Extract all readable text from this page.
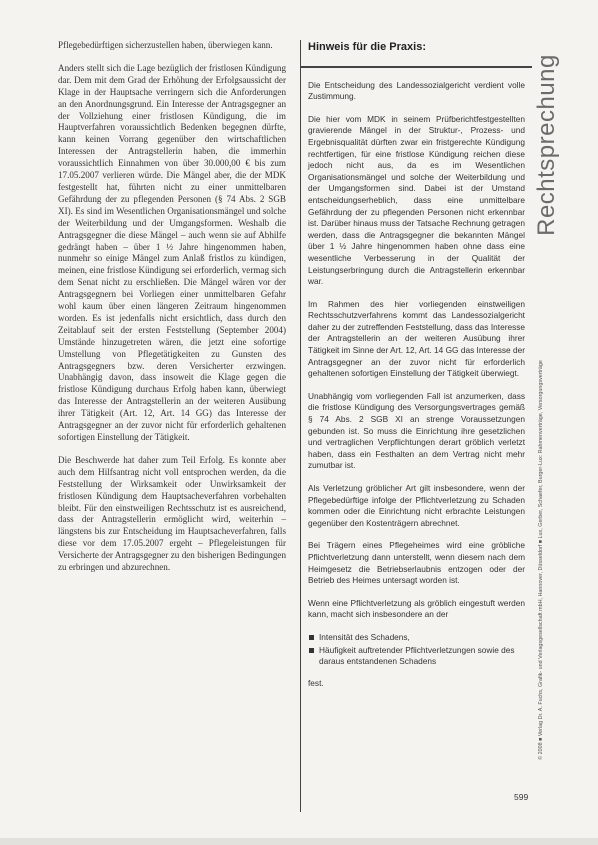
Pflegebedürftigen sicherzustellen haben, überwiegen kann.

Anders stellt sich die Lage bezüglich der fristlosen Kündigung dar. Dem mit dem Grad der Erhöhung der Erfolgsaussicht der Klage in der Hauptsache verringern sich die Anforderungen an den Anordnungsgrund. Ein Interesse der Antragsgegner an der Vollziehung einer fristlosen Kündigung, die im Hauptverfahren voraussichtlich Bedenken begegnen dürfte, kann keinen Vorrang gegenüber den wirtschaftlichen Interessen der Antragstellerin haben, die immerhin voraussichtlich Einnahmen von über 30.000,00 € bis zum 17.05.2007 verlieren würde. Die Mängel aber, die der MDK festgestellt hat, führten nicht zu einer unmittelbaren Gefährdung der zu pflegenden Personen (§ 74 Abs. 2 SGB XI). Es sind im Wesentlichen Organisationsmängel und solche der Weiterbildung und der Umgangsformen. Weshalb die Antragsgegner die diese Mängel – auch wenn sie auf Abhilfe gedrängt haben – über 1 ½ Jahre hingenommen haben, nunmehr so einige Mängel zum Anlaß fristlos zu kündigen, meinen, eine fristlose Kündigung sei erforderlich, vermag sich dem Senat nicht zu erschließen. Die Mängel wären vor der Antragsgegnern bei Vorliegen einer unmittelbaren Gefahr wohl kaum über einen längeren Zeitraum hingenommen worden. Es ist jedenfalls nicht ersichtlich, dass durch den Zeitablauf seit der ersten Feststellung (September 2004) Umstände hinzugetreten wären, die jetzt eine sofortige Umstellung von Pflegetätigkeiten zu Gunsten des Antragsgegners bzw. deren Versicherter erzwingen. Unabhängig davon, dass insoweit die Klage gegen die fristlose Kündigung durchaus Erfolg haben kann, überwiegt das Interesse der Antragstellerin an der weiteren Ausübung ihrer Tätigkeit (Art. 12, Art. 14 GG) das Interesse der Antragsgegner an der zuvor nicht für erforderlich gehaltenen sofortigen Einstellung der Tätigkeit.

Die Beschwerde hat daher zum Teil Erfolg. Es konnte aber auch dem Hilfsantrag nicht voll entsprochen werden, da die Feststellung der Wirksamkeit oder Unwirksamkeit der fristlosen Kündigung dem Hauptsacheverfahren vorbehalten bleibt. Für den einstweiligen Rechtsschutz ist es ausreichend, dass der Antragstellerin ermöglicht wird, weiterhin – längstens bis zur Entscheidung im Hauptsacheverfahren, falls diese vor dem 17.05.2007 ergeht – Pflegeleistungen für Versicherte der Antragsgegner zu den bisherigen Bedingungen zu erbringen und abzurechnen.

Hinweis für die Praxis:

Die Entscheidung des Landessozialgericht verdient volle Zustimmung.

Die hier vom MDK in seinem Prüfberichtfestgestellten gravierende Mängel in der Struktur-, Prozess- und Ergebnisqualität dürften zwar ein fristgerechte Kündigung rechtfertigen, für eine fristlose Kündigung reichen diese jedoch nicht aus, da es im Wesentlichen Organisationsmängel und solche der Weiterbildung und der Umgangsformen sind. Dabei ist der Umstand entscheidungserheblich, dass eine unmittelbare Gefährdung der zu pflegenden Personen nicht erkennbar ist. Darüber hinaus muss der Tatsache Rechnung getragen werden, dass die Antragsgegner die bekannten Mängel über 1 ½ Jahre hingenommen haben ohne dass eine wesentliche Verbesserung in der Qualität der Leistungserbringung durch die Antragstellerin erkennbar war.

Im Rahmen des hier vorliegenden einstweiligen Rechtsschutzverfahrens kommt das Landessozialgericht daher zu der zutreffenden Feststellung, dass das Interesse der Antragstellerin an der weiteren Ausübung ihrer Tätigkeit im Sinne der Art. 12, Art. 14 GG das Interesse der Antragsgegner an der zuvor nicht für erforderlich gehaltenen sofortigen Einstellung der Tätigkeit überwiegt.

Unabhängig vom vorliegenden Fall ist anzumerken, dass die fristlose Kündigung des Versorgungsvertrages gemäß § 74 Abs. 2 SGB XI an strenge Voraussetzungen gebunden ist. So muss die Einrichtung ihre gesetzlichen und vertraglichen Verpflichtungen derart gröblich verletzt haben, dass ein Festhalten an dem Vertrag nicht mehr zumutbar ist.

Als Verletzung gröblicher Art gilt insbesondere, wenn der Pflegebedürftige infolge der Pflichtverletzung zu Schaden kommen oder die Einrichtung nicht erbrachte Leistungen gegenüber den Kostenträgern abrechnet.

Bei Trägern eines Pflegeheimes wird eine gröbliche Pflichtverletzung dann unterstellt, wenn diesem nach dem Heimgesetz die Betriebserlaubnis entzogen oder der Betrieb des Heimes untersagt worden ist.

Wenn eine Pflichtverletzung als gröblich eingestuft werden kann, macht sich insbesondere an der

Intensität des Schadens,
Häufigkeit auftretender Pflichtverletzungen sowie des daraus entstandenen Schadens

fest.

Rechtsprechung
© 2008 ■ Verlag Dr. A. Fuchs, Grafik- und Verlagsgesellschaft mbH, Hannover, Düsseldorf ■ Lux, Gerber, Schaefer, Burger-Lux: Rahmenverträge, Versorgungsverträge
599
